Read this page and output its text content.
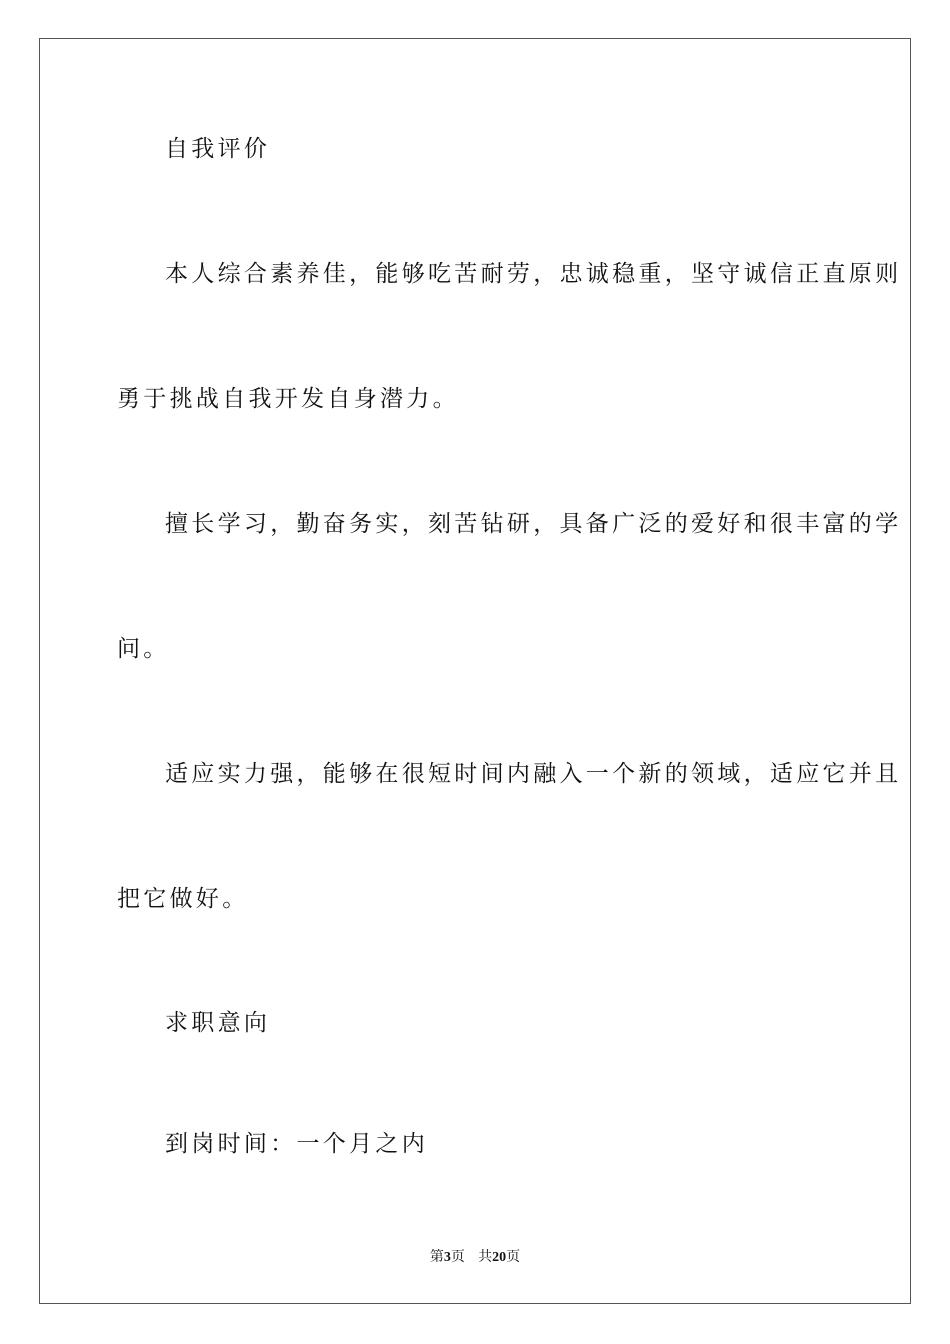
自我评价
本人综合素养佳，能够吃苦耐劳，忠诚稳重，坚守诚信正直原则
勇于挑战自我开发自身潜力。
擅长学习，勤奋务实，刻苦钻研，具备广泛的爱好和很丰富的学
问。
适应实力强，能够在很短时间内融入一个新的领域，适应它并且
把它做好。
求职意向
到岗时间：一个月之内
第3页 共20页
